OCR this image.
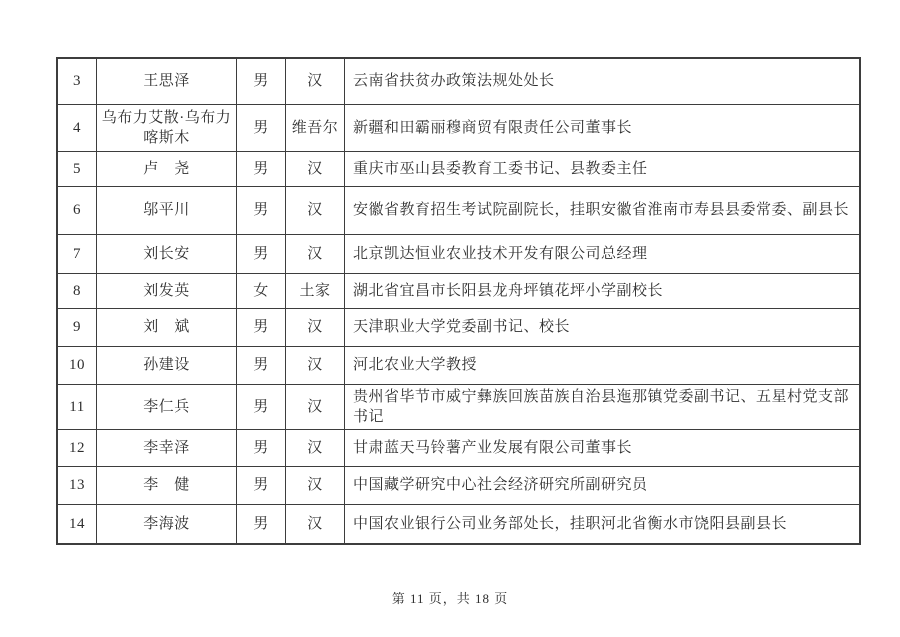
3	王思泽	男	汉	云南省扶贫办政策法规处处长
4	乌布力艾散·乌布力喀斯木	男	维吾尔	新疆和田霸丽穆商贸有限责任公司董事长
5	卢　尧	男	汉	重庆市巫山县委教育工委书记、县教委主任
6	邬平川	男	汉	安徽省教育招生考试院副院长，挂职安徽省淮南市寿县县委常委、副县长
7	刘长安	男	汉	北京凯达恒业农业技术开发有限公司总经理
8	刘发英	女	土家	湖北省宜昌市长阳县龙舟坪镇花坪小学副校长
9	刘　斌	男	汉	天津职业大学党委副书记、校长
10	孙建设	男	汉	河北农业大学教授
11	李仁兵	男	汉	贵州省毕节市威宁彝族回族苗族自治县迤那镇党委副书记、五星村党支部书记
12	李幸泽	男	汉	甘肃蓝天马铃薯产业发展有限公司董事长
13	李　健	男	汉	中国藏学研究中心社会经济研究所副研究员
14	李海波	男	汉	中国农业银行公司业务部处长，挂职河北省衡水市饶阳县副县长
第 11 页，共 18 页
